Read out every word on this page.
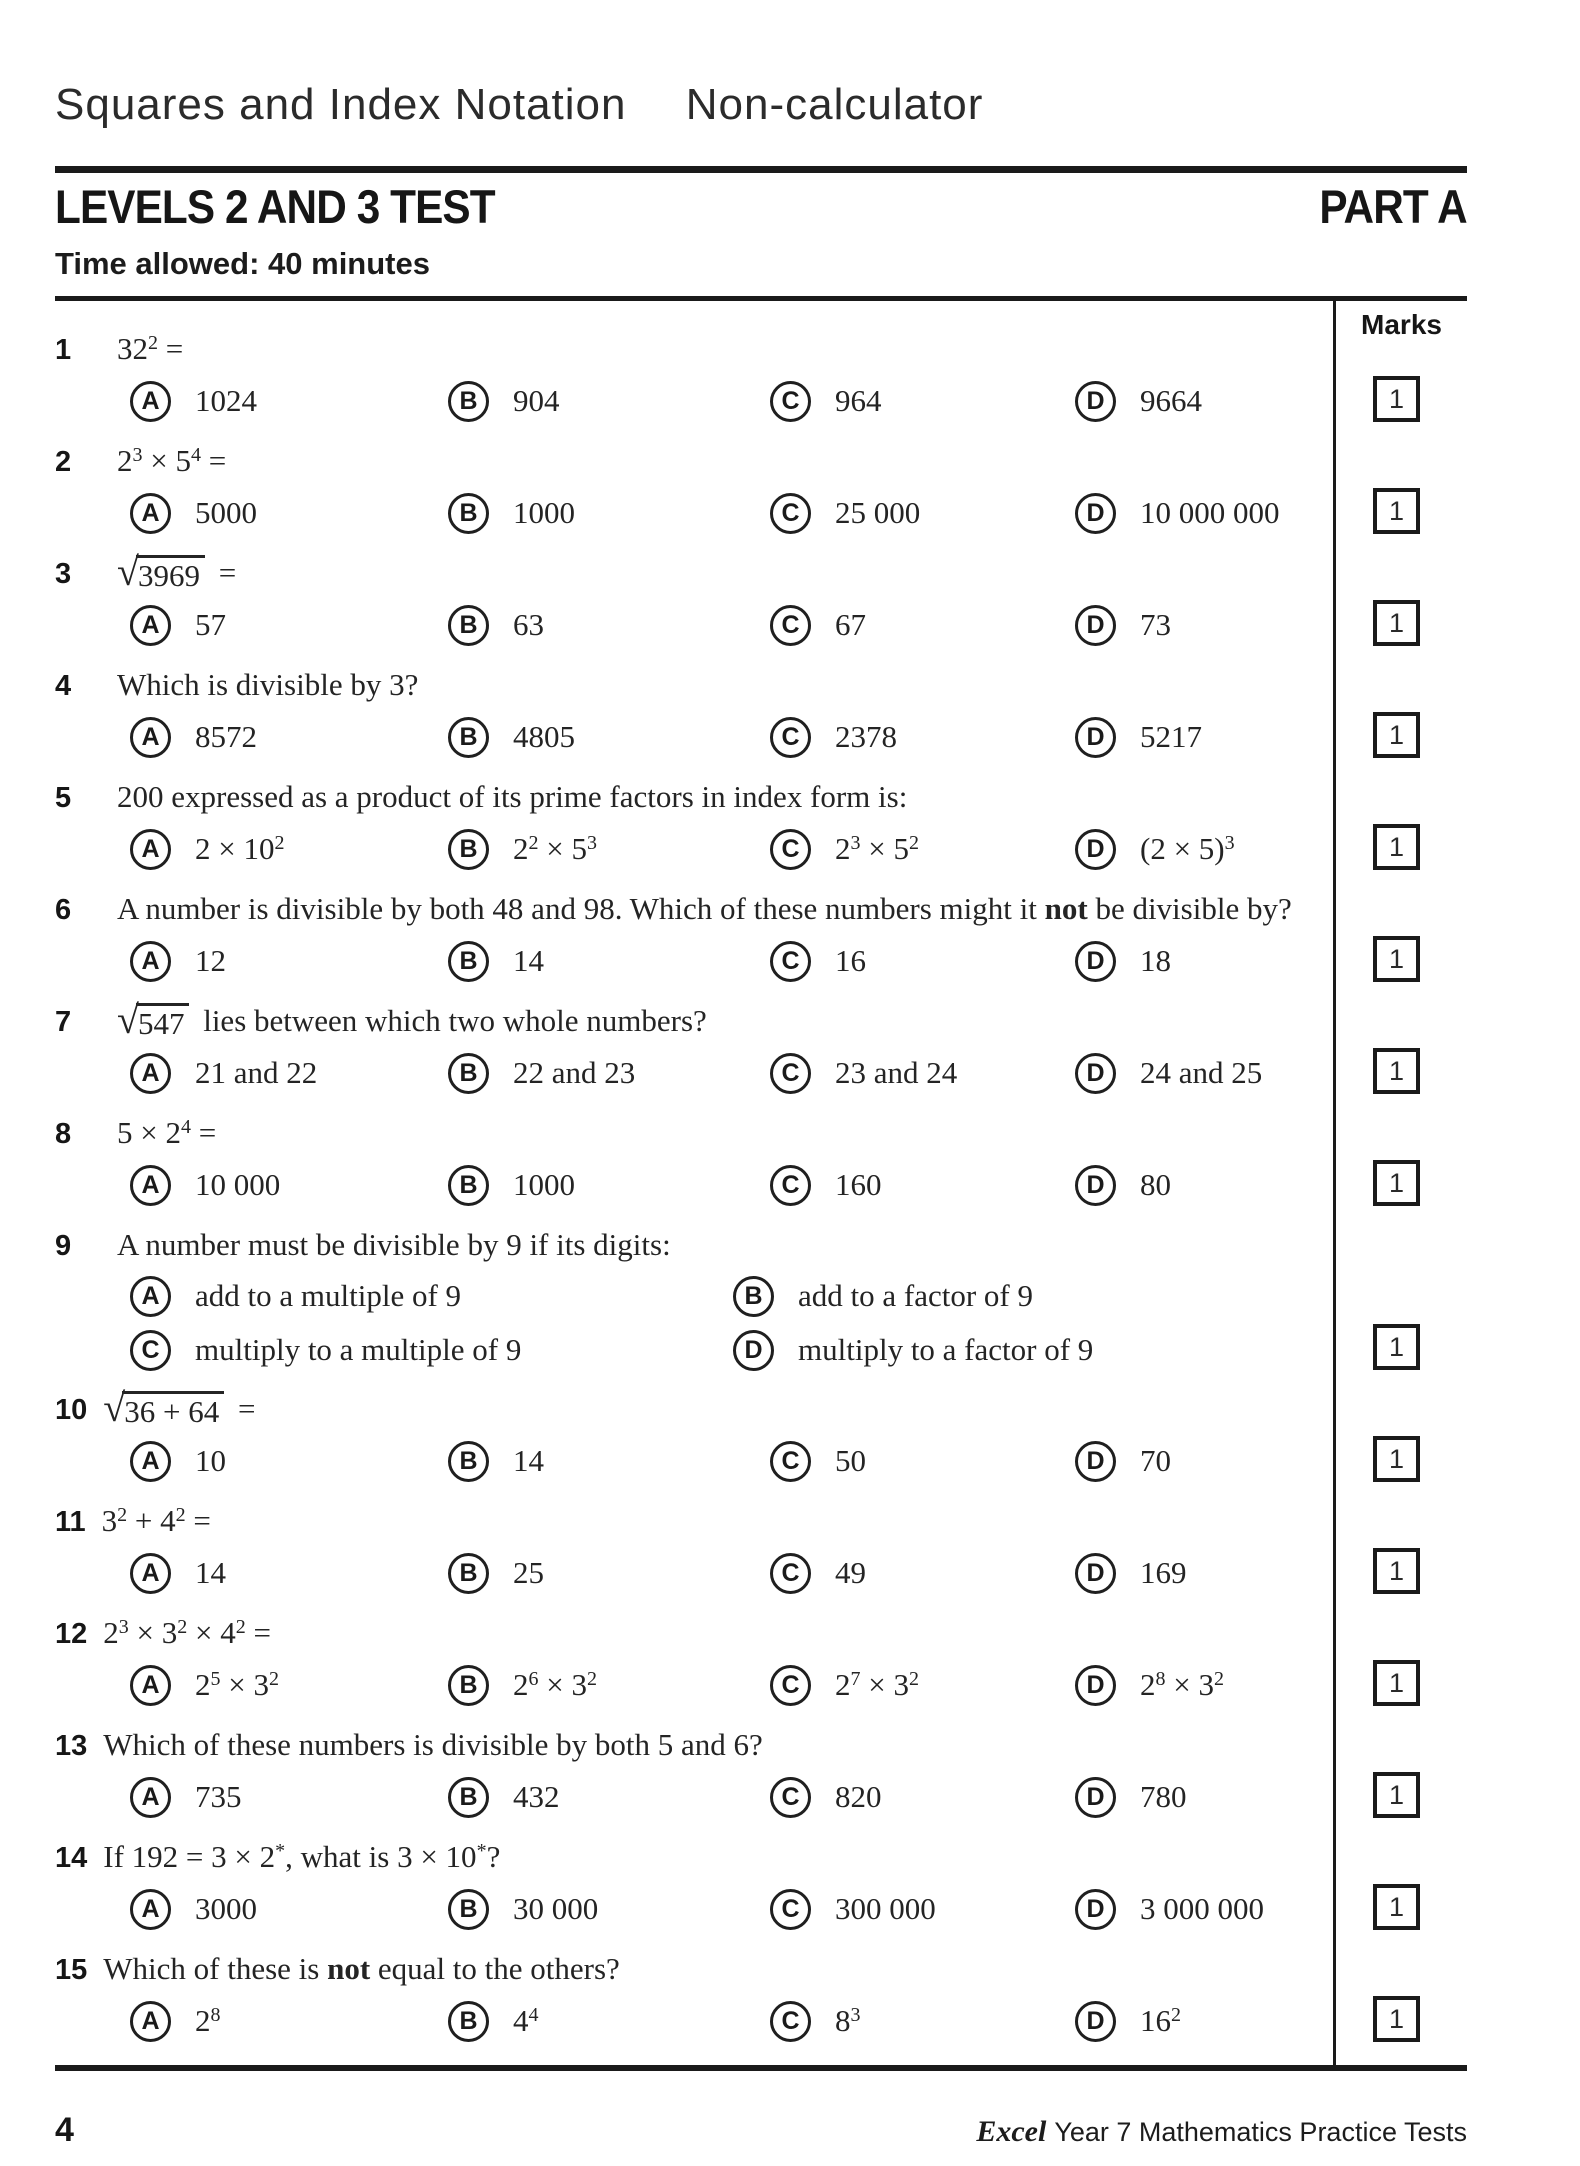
Squares and Index Notation Non-calculator
LEVELS 2 AND 3 TEST	PART A
Time allowed: 40 minutes
Marks
1	$32^2$ =
A	1024	B	904	C	964	D	9664	1
2	$2^3 \times 5^4$ =
A	5000	B	1000	C	25 000	D	10 000 000	1
3	√ 3969 =
A	57	B	63	C	67	D	73	1
4	Which is divisible by 3?
A	8572	B	4805	C	2378	D	5217	1
5	200 expressed as a product of its prime factors in index form is:
A	$2 \times 10^2$	B	$2^2 \times 5^3$	C	$2^3 \times 5^2$	D	$(2 \times 5)^3$	1
6	A number is divisible by both 48 and 98. Which of these numbers might it not be divisible by?
A	12	B	14	C	16	D	18	1
7	√ 547 lies between which two whole numbers?
A	21 and 22	B	22 and 23	C	23 and 24	D	24 and 25	1
8	$5 \times 2^4$ =
A	10 000	B	1000	C	160	D	80	1
9	A number must be divisible by 9 if its digits:
A	add to a multiple of 9	B	add to a factor of 9
C	multiply to a multiple of 9	D	multiply to a factor of 9	1
10 √ 36 + 64 =
A	10	B	14	C	50	D	70	1
11 $3^2 + 4^2$ =
A	14	B	25	C	49	D	169	1
12 $2^3 \times 3^2 \times 4^2$ =
A	$2^5 \times 3^2$	B	$2^6 \times 3^2$	C	$2^7 \times 3^2$	D	$2^8 \times 3^2$	1
13 Which of these numbers is divisible by both 5 and 6?
A	735	B	432	C	820	D	780	1
14 If 192 = 3 × 2*, what is 3 × 10*?
A	3000	B	30 000	C	300 000	D	3 000 000	1
15 Which of these is not equal to the others?
A	$2^8$	B	$4^4$	C	$8^3$	D	$16^2$	1
4	Excel Year 7 Mathematics Practice Tests
